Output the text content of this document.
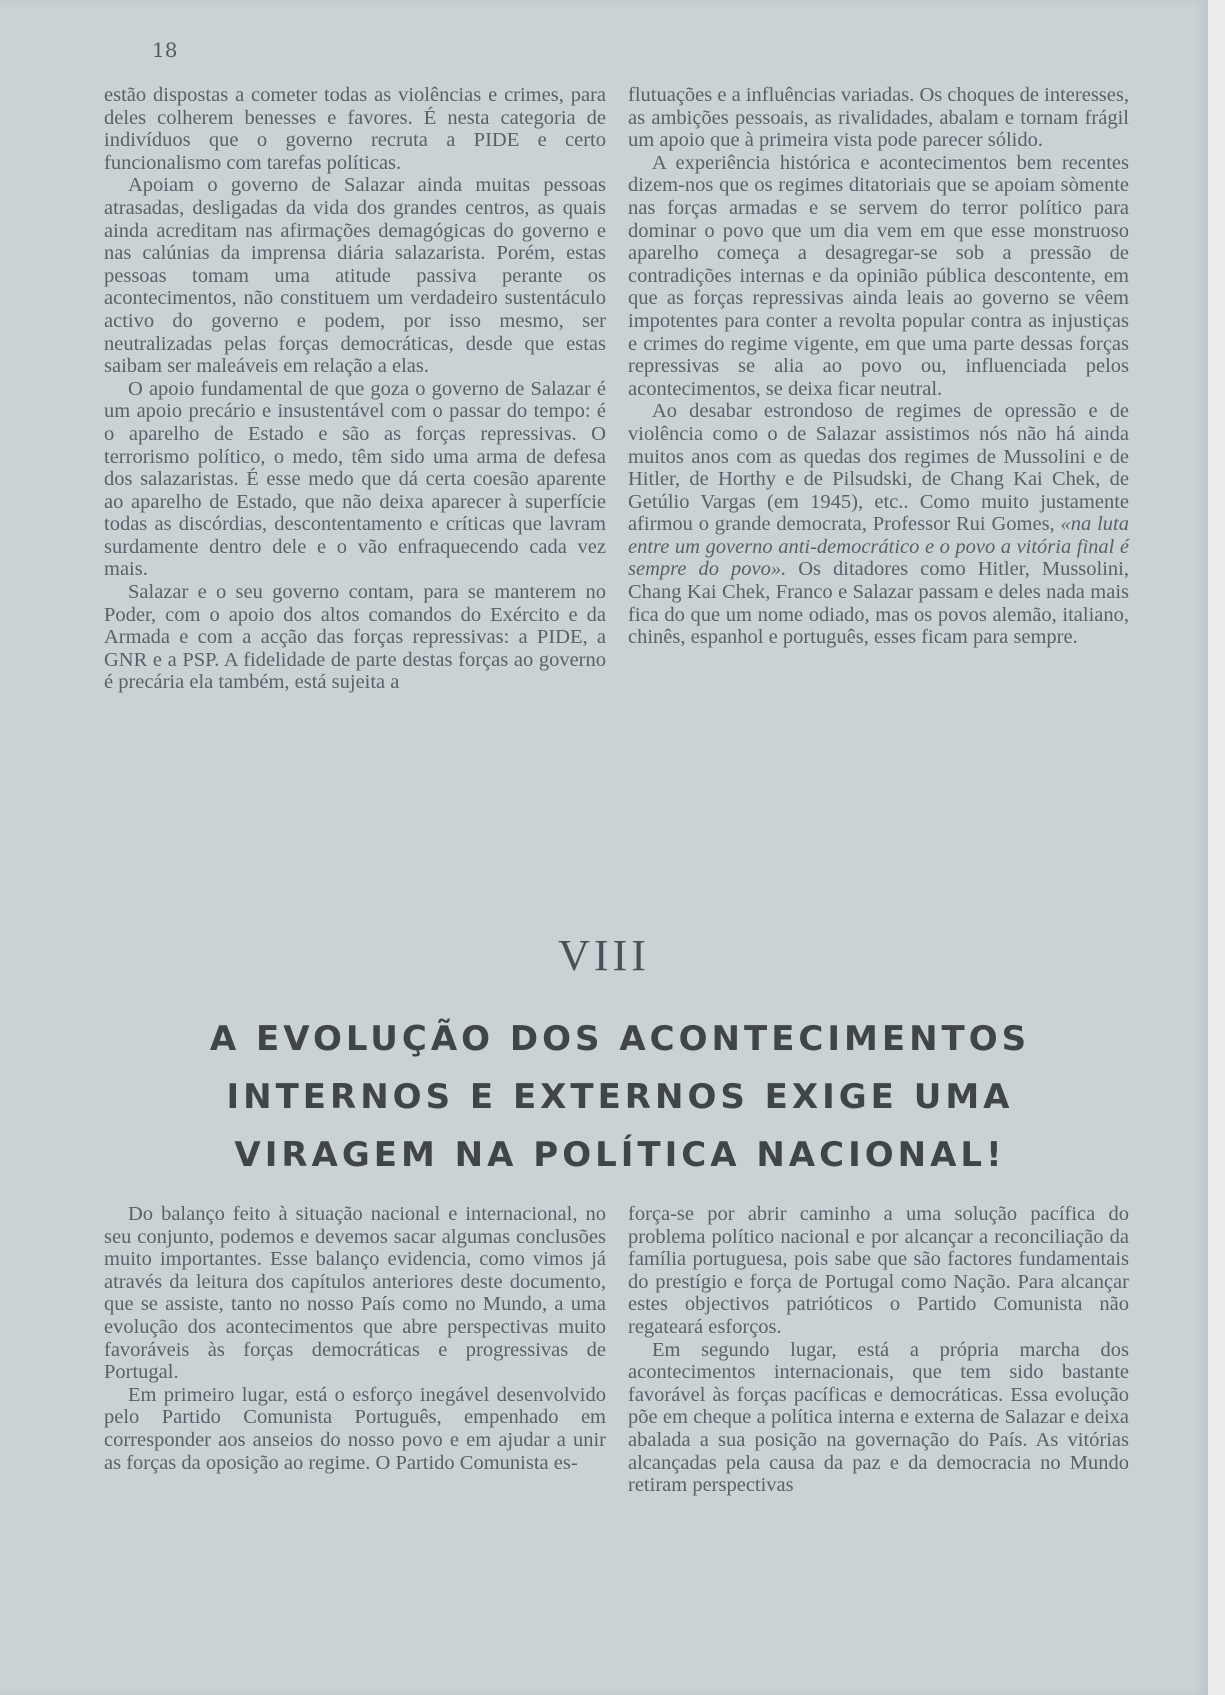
18

estão dispostas a cometer todas as violências e crimes, para deles colherem benesses e favores. É nesta categoria de indivíduos que o governo recruta a PIDE e certo funcionalismo com tarefas políticas.

Apoiam o governo de Salazar ainda muitas pessoas atrasadas, desligadas da vida dos grandes centros, as quais ainda acreditam nas afirmações demagógicas do governo e nas calúnias da imprensa diária salazarista. Porém, estas pessoas tomam uma atitude passiva perante os acontecimentos, não constituem um verdadeiro sustentáculo activo do governo e podem, por isso mesmo, ser neutralizadas pelas forças democráticas, desde que estas saibam ser maleáveis em relação a elas.

O apoio fundamental de que goza o governo de Salazar é um apoio precário e insustentável com o passar do tempo: é o aparelho de Estado e são as forças repressivas. O terrorismo político, o medo, têm sido uma arma de defesa dos salazaristas. É esse medo que dá certa coesão aparente ao aparelho de Estado, que não deixa aparecer à superfície todas as discórdias, descontentamento e críticas que lavram surdamente dentro dele e o vão enfraquecendo cada vez mais.

Salazar e o seu governo contam, para se manterem no Poder, com o apoio dos altos comandos do Exército e da Armada e com a acção das forças repressivas: a PIDE, a GNR e a PSP. A fidelidade de parte destas forças ao governo é precária ela também, está sujeita a

flutuações e a influências variadas. Os choques de interesses, as ambições pessoais, as rivalidades, abalam e tornam frágil um apoio que à primeira vista pode parecer sólido.

A experiência histórica e acontecimentos bem recentes dizem-nos que os regimes ditatoriais que se apoiam sòmente nas forças armadas e se servem do terror político para dominar o povo que um dia vem em que esse monstruoso aparelho começa a desagregar-se sob a pressão de contradições internas e da opinião pública descontente, em que as forças repressivas ainda leais ao governo se vêem impotentes para conter a revolta popular contra as injustiças e crimes do regime vigente, em que uma parte dessas forças repressivas se alia ao povo ou, influenciada pelos acontecimentos, se deixa ficar neutral.

Ao desabar estrondoso de regimes de opressão e de violência como o de Salazar assistimos nós não há ainda muitos anos com as quedas dos regimes de Mussolini e de Hitler, de Horthy e de Pilsudski, de Chang Kai Chek, de Getúlio Vargas (em 1945), etc.. Como muito justamente afirmou o grande democrata, Professor Rui Gomes, «na luta entre um governo anti-democrático e o povo a vitória final é sempre do povo». Os ditadores como Hitler, Mussolini, Chang Kai Chek, Franco e Salazar passam e deles nada mais fica do que um nome odiado, mas os povos alemão, italiano, chinês, espanhol e português, esses ficam para sempre.

VIII
A EVOLUÇÃO DOS ACONTECIMENTOS
INTERNOS E EXTERNOS EXIGE UMA
VIRAGEM NA POLÍTICA NACIONAL!

Do balanço feito à situação nacional e internacional, no seu conjunto, podemos e devemos sacar algumas conclusões muito importantes. Esse balanço evidencia, como vimos já através da leitura dos capítulos anteriores deste documento, que se assiste, tanto no nosso País como no Mundo, a uma evolução dos acontecimentos que abre perspectivas muito favoráveis às forças democráticas e progressivas de Portugal.

Em primeiro lugar, está o esforço inegável desenvolvido pelo Partido Comunista Português, empenhado em corresponder aos anseios do nosso povo e em ajudar a unir as forças da oposição ao regime. O Partido Comunista es-

força-se por abrir caminho a uma solução pacífica do problema político nacional e por alcançar a reconciliação da família portuguesa, pois sabe que são factores fundamentais do prestígio e força de Portugal como Nação. Para alcançar estes objectivos patrióticos o Partido Comunista não regateará esforços.

Em segundo lugar, está a própria marcha dos acontecimentos internacionais, que tem sido bastante favorável às forças pacíficas e democráticas. Essa evolução põe em cheque a política interna e externa de Salazar e deixa abalada a sua posição na governação do País. As vitórias alcançadas pela causa da paz e da democracia no Mundo retiram perspectivas
